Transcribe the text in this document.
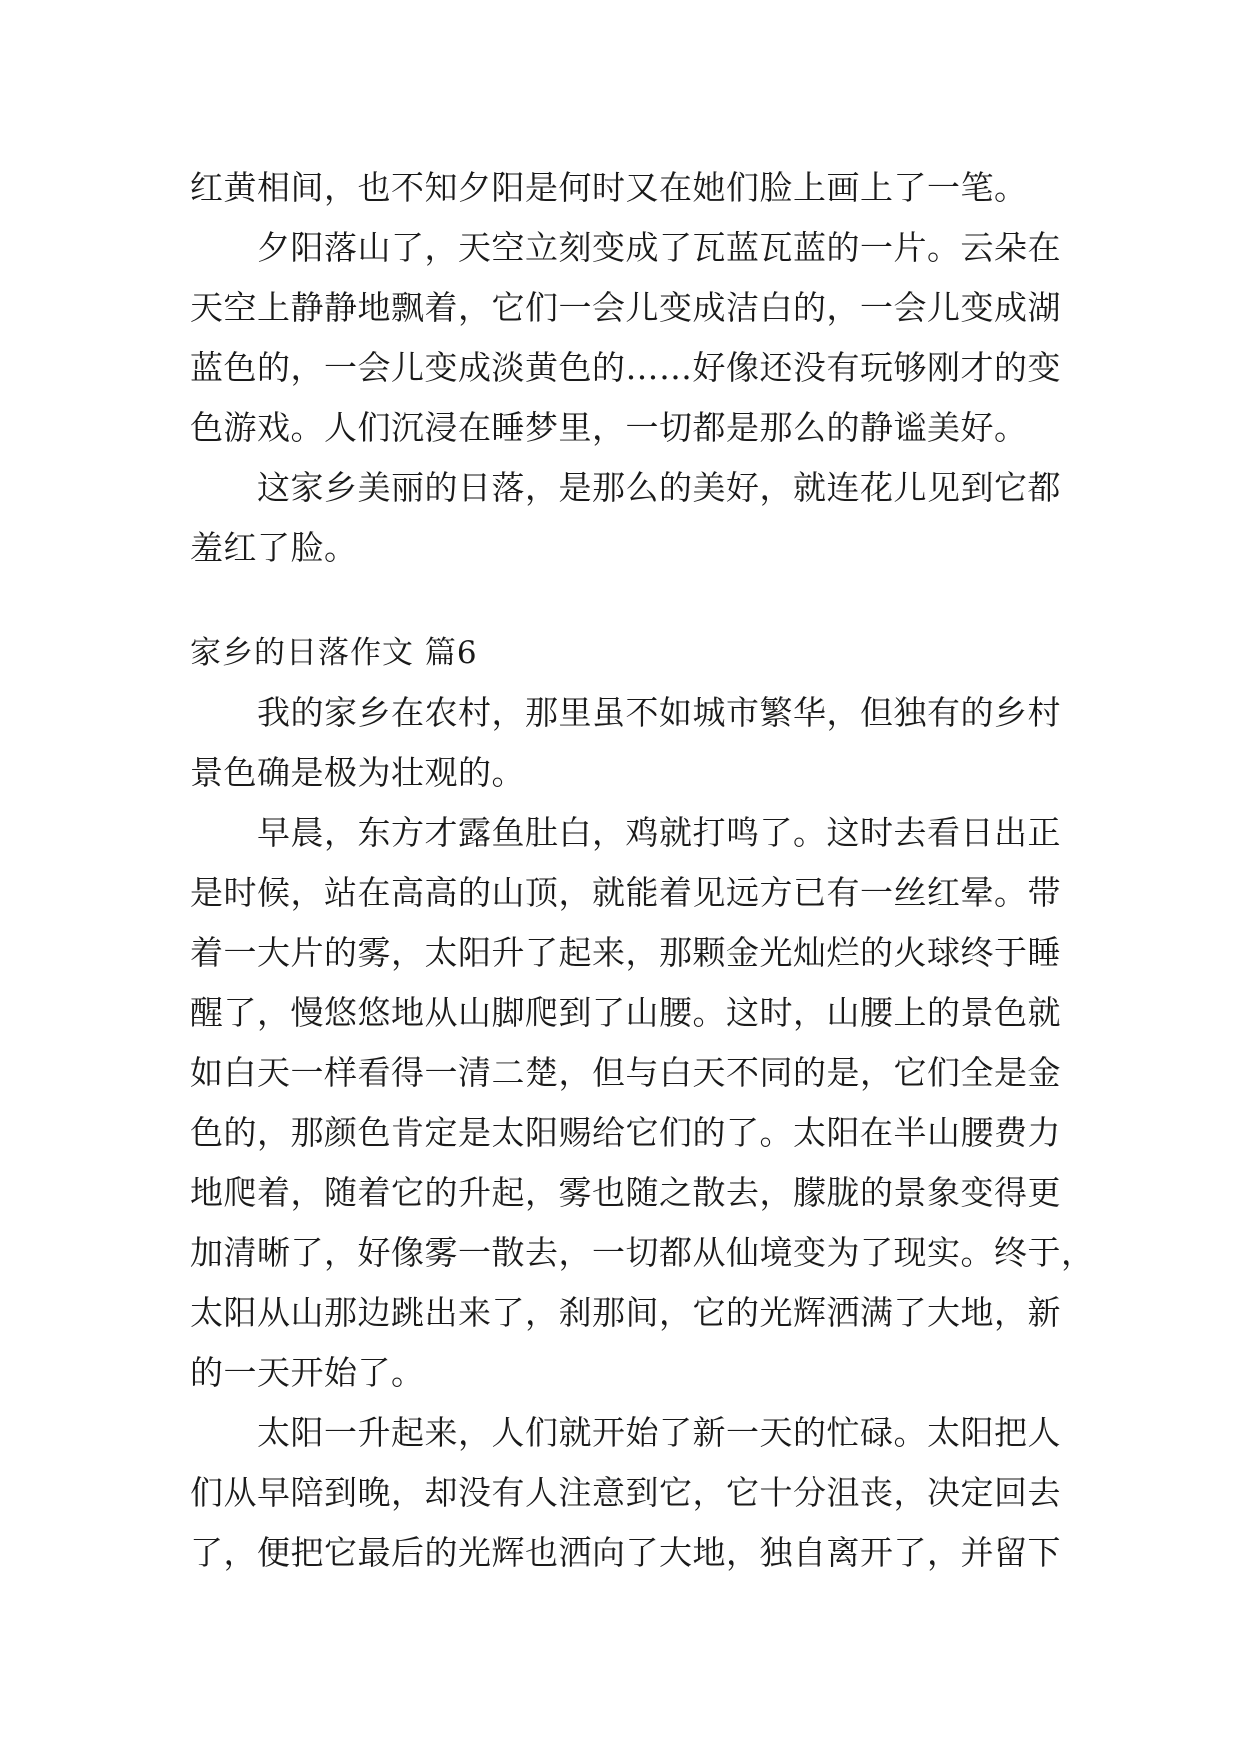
红黄相间，也不知夕阳是何时又在她们脸上画上了一笔。
夕阳落山了，天空立刻变成了瓦蓝瓦蓝的一片。云朵在
天空上静静地飘着，它们一会儿变成洁白的，一会儿变成湖
蓝色的，一会儿变成淡黄色的……好像还没有玩够刚才的变
色游戏。人们沉浸在睡梦里，一切都是那么的静谧美好。
这家乡美丽的日落，是那么的美好，就连花儿见到它都
羞红了脸。
家乡的日落作文 篇6
我的家乡在农村，那里虽不如城市繁华，但独有的乡村
景色确是极为壮观的。
早晨，东方才露鱼肚白，鸡就打鸣了。这时去看日出正
是时候，站在高高的山顶，就能着见远方已有一丝红晕。带
着一大片的雾，太阳升了起来，那颗金光灿烂的火球终于睡
醒了，慢悠悠地从山脚爬到了山腰。这时，山腰上的景色就
如白天一样看得一清二楚，但与白天不同的是，它们全是金
色的，那颜色肯定是太阳赐给它们的了。太阳在半山腰费力
地爬着，随着它的升起，雾也随之散去，朦胧的景象变得更
加清晰了，好像雾一散去，一切都从仙境变为了现实。终于，
太阳从山那边跳出来了，刹那间，它的光辉洒满了大地，新
的一天开始了。
太阳一升起来，人们就开始了新一天的忙碌。太阳把人
们从早陪到晚，却没有人注意到它，它十分沮丧，决定回去
了，便把它最后的光辉也洒向了大地，独自离开了，并留下
